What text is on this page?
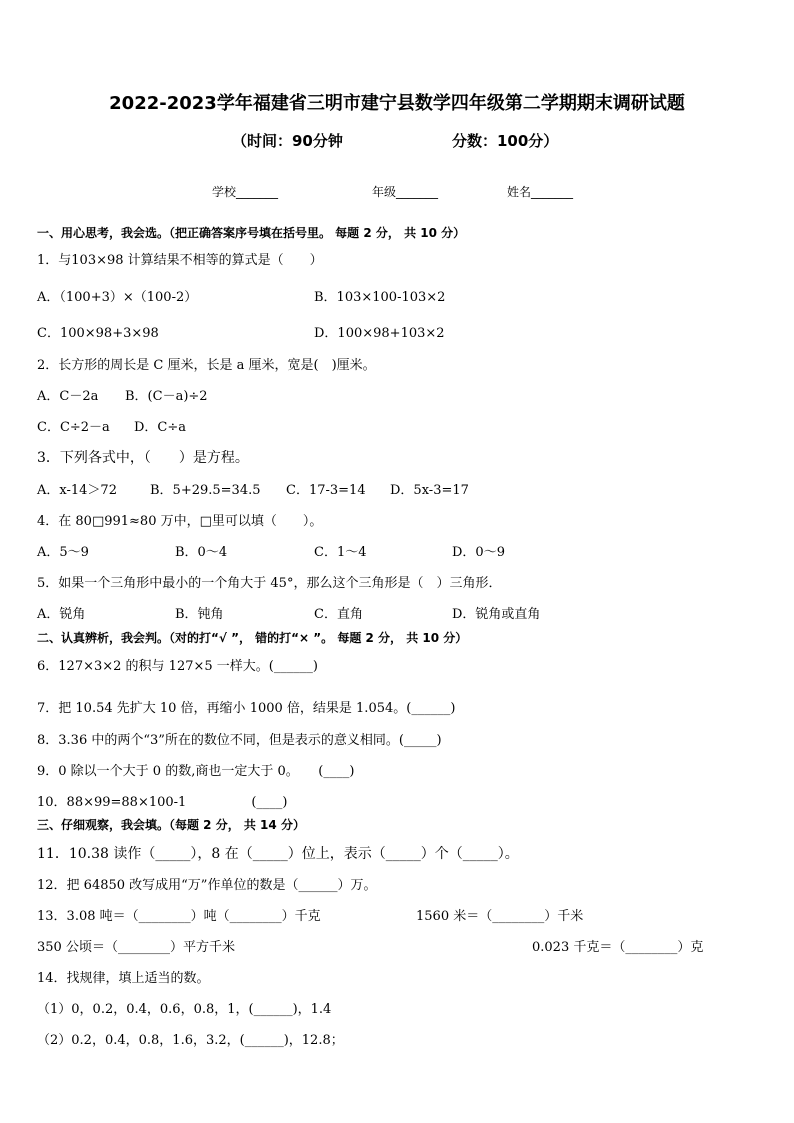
2022-2023学年福建省三明市建宁县数学四年级第二学期期末调研试题
（时间：90分钟	分数：100分）
学校_______	年级_______	姓名_______
一、用心思考，我会选。（把正确答案序号填在括号里。 每题 2 分， 共 10 分）
1．与103×98 计算结果不相等的算式是（　　）
A．（100+3）×（100-2）	B．103×100-103×2
C．100×98+3×98	D．100×98+103×2
2．长方形的周长是 C 厘米，长是 a 厘米，宽是(　)厘米。
A．C－2a B．(C－a)÷2
C．C÷2－a D．C÷a
3．下列各式中，（　　）是方程。
A．x-14＞72	B．5+29.5=34.5 C．17-3=14 D．5x-3=17
4．在 80□991≈80 万中，□里可以填（　　）。
A．5～9	B．0～4	C．1～4	D．0～9
5．如果一个三角形中最小的一个角大于 45°，那么这个三角形是（　）三角形．
A．锐角	B．钝角	C．直角	D．锐角或直角
二、认真辨析，我会判。（对的打“√ ”， 错的打“× ”。 每题 2 分， 共 10 分）
6．127×3×2 的积与 127×5 一样大。(______)
7．把 10.54 先扩大 10 倍，再缩小 1000 倍，结果是 1.054。(______)
8．3.36 中的两个“3”所在的数位不同，但是表示的意义相同。(_____)
9．0 除以一个大于 0 的数,商也一定大于 0。　　(____)
10．88×99=88×100-1　　　　　(____)
三、仔细观察，我会填。（每题 2 分， 共 14 分）
11．10.38 读作（_____），8 在（_____）位上，表示（_____）个（_____）。
12．把 64850 改写成用“万”作单位的数是（______）万。
13．3.08 吨＝（________）吨（________）千克	1560 米＝（________）千米
350 公顷＝（________）平方千米	0.023 千克＝（________）克
14．找规律，填上适当的数。
（1）0，0.2，0.4，0.6，0.8，1，(______)，1.4
（2）0.2，0.4，0.8，1.6，3.2，(______)，12.8；
